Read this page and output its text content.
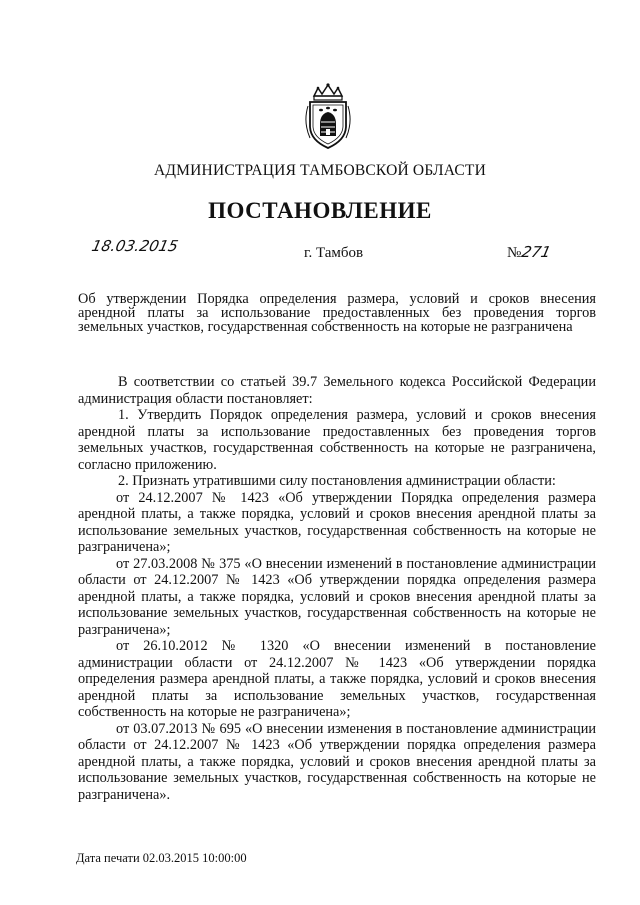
АДМИНИСТРАЦИЯ ТАМБОВСКОЙ ОБЛАСТИ
ПОСТАНОВЛЕНИЕ
18.03.2015	г. Тамбов	№271
Об утверждении Порядка определения размера, условий и сроков внесения арендной платы за использование предоставленных без проведения торгов земельных участков, государственная собственность на которые не разграничена

В соответствии со статьей 39.7 Земельного кодекса Российской Федерации администрация области постановляет:

1. Утвердить Порядок определения размера, условий и сроков внесения арендной платы за использование предоставленных без проведения торгов земельных участков, государственная собственность на которые не разграничена, согласно приложению.

2. Признать утратившими силу постановления администрации области:

от 24.12.2007 № 1423 «Об утверждении Порядка определения размера арендной платы, а также порядка, условий и сроков внесения арендной платы за использование земельных участков, государственная собственность на которые не разграничена»;

от 27.03.2008 № 375 «О внесении изменений в постановление администрации области от 24.12.2007 № 1423 «Об утверждении порядка определения размера арендной платы, а также порядка, условий и сроков внесения арендной платы за использование земельных участков, государственная собственность на которые не разграничена»;

от 26.10.2012 № 1320 «О внесении изменений в постановление администрации области от 24.12.2007 № 1423 «Об утверждении порядка определения размера арендной платы, а также порядка, условий и сроков внесения арендной платы за использование земельных участков, государственная собственность на которые не разграничена»;

от 03.07.2013 № 695 «О внесении изменения в постановление администрации области от 24.12.2007 № 1423 «Об утверждении порядка определения размера арендной платы, а также порядка, условий и сроков внесения арендной платы за использование земельных участков, государственная собственность на которые не разграничена».

Дата печати 02.03.2015 10:00:00
